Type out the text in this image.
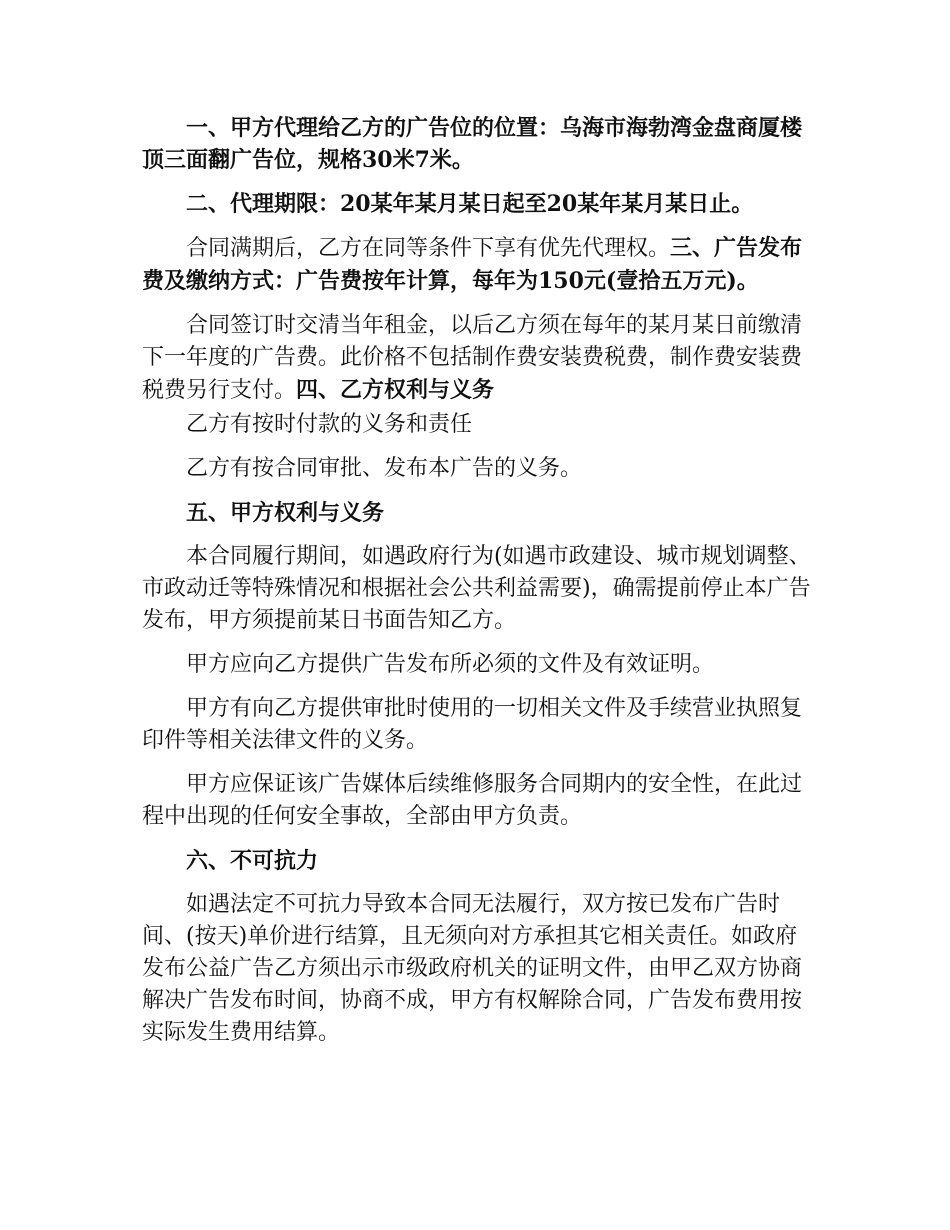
一、甲方代理给乙方的广告位的位置：乌海市海勃湾金盘商厦楼顶三面翻广告位，规格30米7米。

二、代理期限：20某年某月某日起至20某年某月某日止。

合同满期后，乙方在同等条件下享有优先代理权。三、广告发布费及缴纳方式：广告费按年计算，每年为150元(壹拾五万元)。

合同签订时交清当年租金，以后乙方须在每年的某月某日前缴清下一年度的广告费。此价格不包括制作费安装费税费，制作费安装费税费另行支付。四、乙方权利与义务

乙方有按时付款的义务和责任

乙方有按合同审批、发布本广告的义务。

五、甲方权利与义务

本合同履行期间，如遇政府行为(如遇市政建设、城市规划调整、市政动迁等特殊情况和根据社会公共利益需要)，确需提前停止本广告发布，甲方须提前某日书面告知乙方。

甲方应向乙方提供广告发布所必须的文件及有效证明。

甲方有向乙方提供审批时使用的一切相关文件及手续营业执照复印件等相关法律文件的义务。

甲方应保证该广告媒体后续维修服务合同期内的安全性，在此过程中出现的任何安全事故，全部由甲方负责。

六、不可抗力

如遇法定不可抗力导致本合同无法履行，双方按已发布广告时间、(按天)单价进行结算，且无须向对方承担其它相关责任。如政府发布公益广告乙方须出示市级政府机关的证明文件，由甲乙双方协商解决广告发布时间，协商不成，甲方有权解除合同，广告发布费用按实际发生费用结算。
